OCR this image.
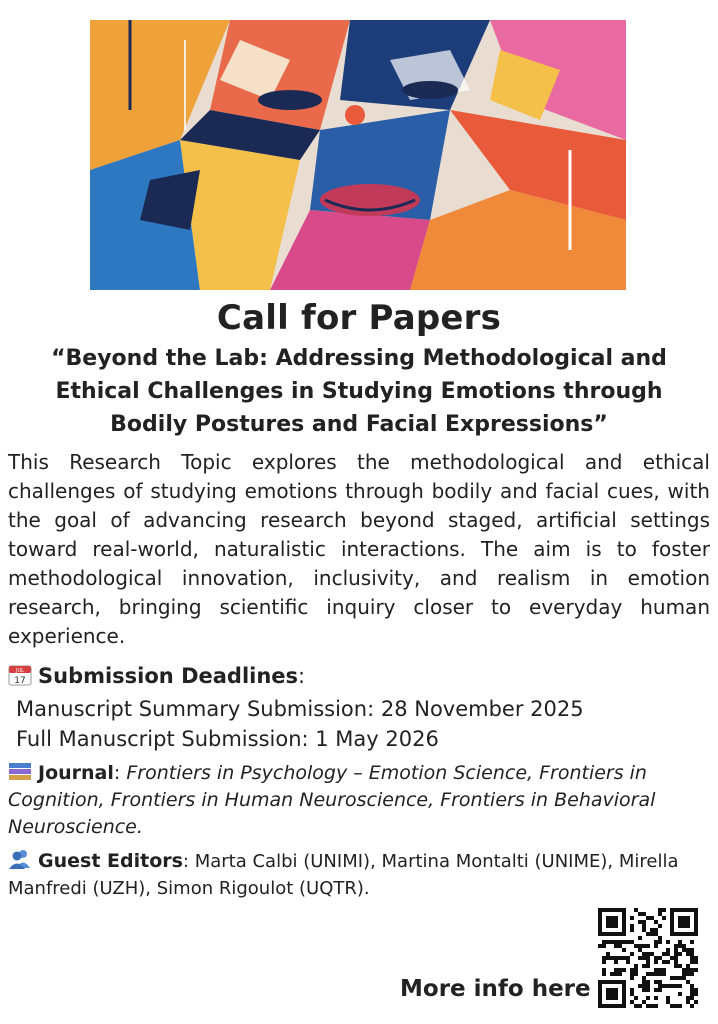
Call for Papers
“Beyond the Lab: Addressing Methodological and Ethical Challenges in Studying Emotions through Bodily Postures and Facial Expressions”
This Research Topic explores the methodological and ethical challenges of studying emotions through bodily and facial cues, with the goal of advancing research beyond staged, artificial settings toward real-world, naturalistic interactions. The aim is to foster methodological innovation, inclusivity, and realism in emotion research, bringing scientific inquiry closer to everyday human experience.
JUL
17 Submission Deadlines:
Manuscript Summary Submission: 28 November 2025
Full Manuscript Submission: 1 May 2026
Journal: Frontiers in Psychology – Emotion Science, Frontiers in Cognition, Frontiers in Human Neuroscience, Frontiers in Behavioral Neuroscience.
Guest Editors: Marta Calbi (UNIMI), Martina Montalti (UNIME), Mirella Manfredi (UZH), Simon Rigoulot (UQTR).
More info here
